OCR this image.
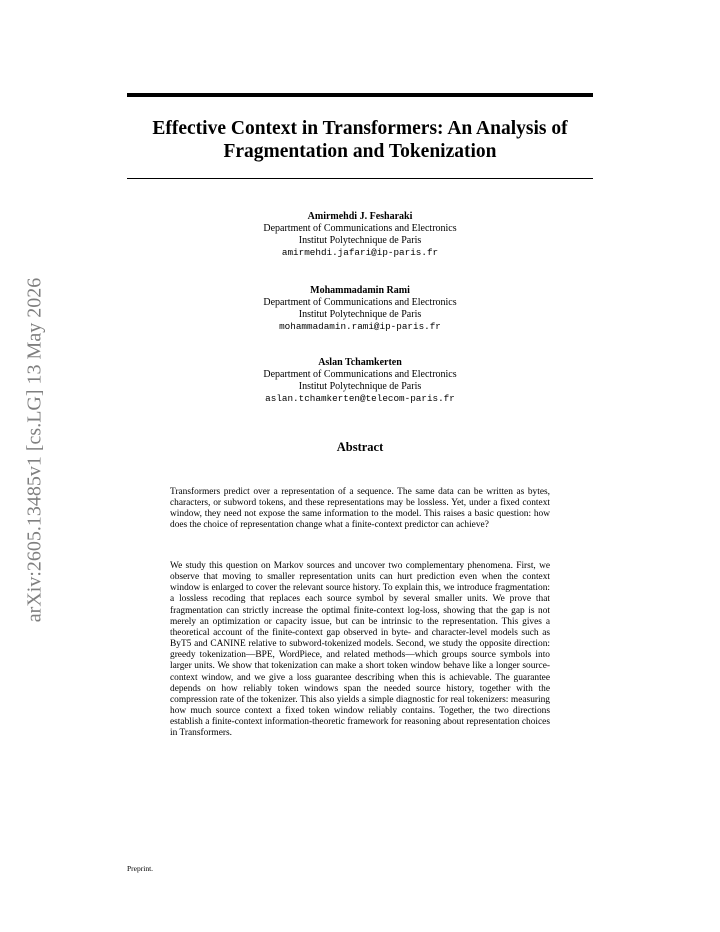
arXiv:2605.13485v1 [cs.LG] 13 May 2026
Effective Context in Transformers: An Analysis of
Fragmentation and Tokenization
Amirmehdi J. Fesharaki
Department of Communications and Electronics
Institut Polytechnique de Paris
amirmehdi.jafari@ip-paris.fr
Mohammadamin Rami
Department of Communications and Electronics
Institut Polytechnique de Paris
mohammadamin.rami@ip-paris.fr
Aslan Tchamkerten
Department of Communications and Electronics
Institut Polytechnique de Paris
aslan.tchamkerten@telecom-paris.fr
Abstract

Transformers predict over a representation of a sequence. The same data can be written as bytes, characters, or subword tokens, and these representations may be lossless. Yet, under a fixed context window, they need not expose the same information to the model. This raises a basic question: how does the choice of representation change what a finite-context predictor can achieve?

We study this question on Markov sources and uncover two complementary phenomena. First, we observe that moving to smaller representation units can hurt prediction even when the context window is enlarged to cover the relevant source history. To explain this, we introduce fragmentation: a lossless recoding that replaces each source symbol by several smaller units. We prove that fragmentation can strictly increase the optimal finite-context log-loss, showing that the gap is not merely an optimization or capacity issue, but can be intrinsic to the representation. This gives a theoretical account of the finite-context gap observed in byte- and character-level models such as ByT5 and CANINE relative to subword-tokenized models. Second, we study the opposite direction: greedy tokenization—BPE, WordPiece, and related methods—which groups source symbols into larger units. We show that tokenization can make a short token window behave like a longer source-context window, and we give a loss guarantee describing when this is achievable. The guarantee depends on how reliably token windows span the needed source history, together with the compression rate of the tokenizer. This also yields a simple diagnostic for real tokenizers: measuring how much source context a fixed token window reliably contains. Together, the two directions establish a finite-context information-theoretic framework for reasoning about representation choices in Transformers.

Preprint.
